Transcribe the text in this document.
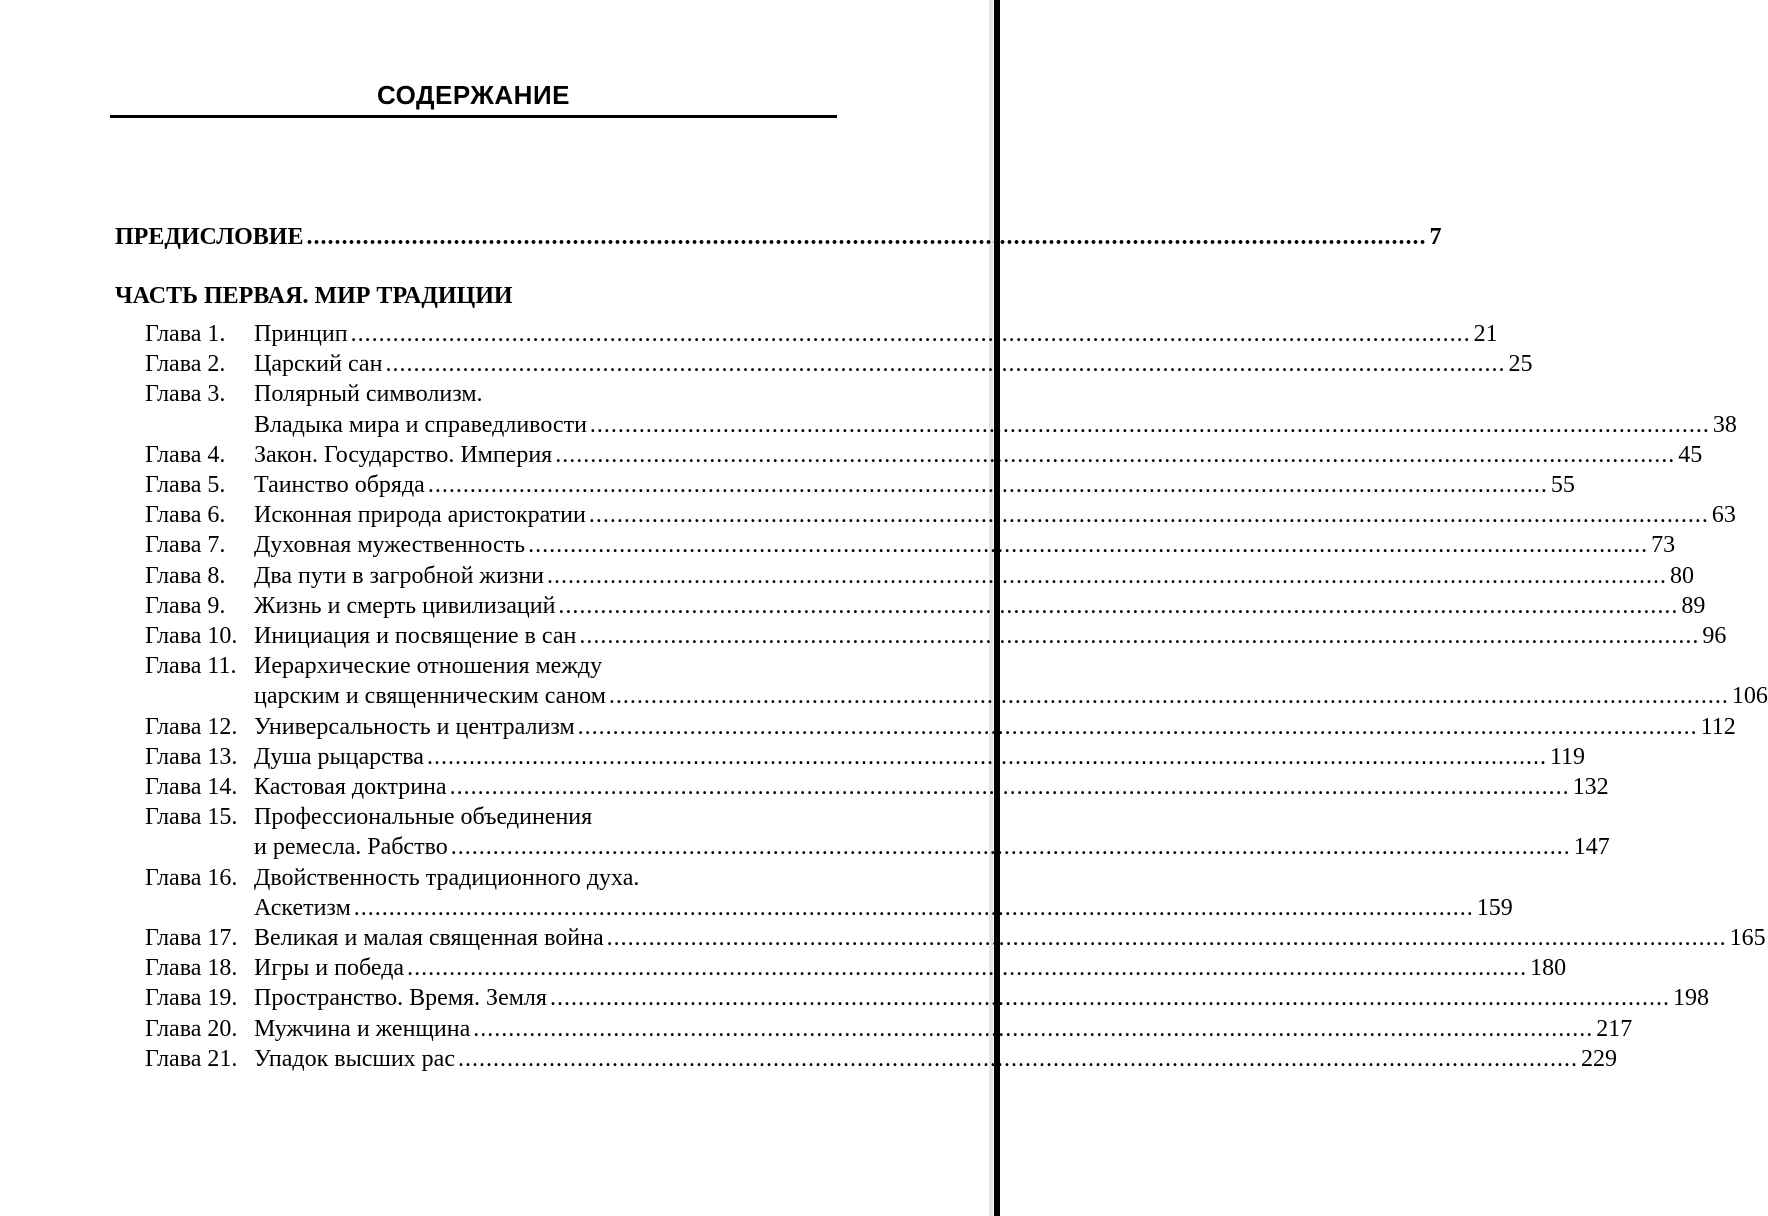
СОДЕРЖАНИЕ
ПРЕДИСЛОВИЕ ................................................................................................................................................................ 7
ЧАСТЬ ПЕРВАЯ. МИР ТРАДИЦИИ
Глава 1.	Принцип ................................................................................................................................................................ 21
Глава 2.	Царский сан ................................................................................................................................................................ 25
Глава 3.	Полярный символизм.
Владыка мира и справедливости ................................................................................................................................................................ 38
Глава 4.	Закон. Государство. Империя ................................................................................................................................................................ 45
Глава 5.	Таинство обряда ................................................................................................................................................................ 55
Глава 6.	Исконная природа аристократии ................................................................................................................................................................ 63
Глава 7.	Духовная мужественность ................................................................................................................................................................ 73
Глава 8.	Два пути в загробной жизни ................................................................................................................................................................ 80
Глава 9.	Жизнь и смерть цивилизаций ................................................................................................................................................................ 89
Глава 10. Инициация и посвящение в сан ................................................................................................................................................................ 96
Глава 11. Иерархические отношения между
царским и священническим саном ................................................................................................................................................................ 106
Глава 12. Универсальность и централизм ................................................................................................................................................................ 112
Глава 13. Душа рыцарства ................................................................................................................................................................ 119
Глава 14. Кастовая доктрина ................................................................................................................................................................ 132
Глава 15. Профессиональные объединения
и ремесла. Рабство ................................................................................................................................................................ 147
Глава 16. Двойственность традиционного духа.
Аскетизм ................................................................................................................................................................ 159
Глава 17. Великая и малая священная война ................................................................................................................................................................ 165
Глава 18. Игры и победа ................................................................................................................................................................ 180
Глава 19. Пространство. Время. Земля ................................................................................................................................................................ 198
Глава 20. Мужчина и женщина ................................................................................................................................................................ 217
Глава 21. Упадок высших рас ................................................................................................................................................................ 229
